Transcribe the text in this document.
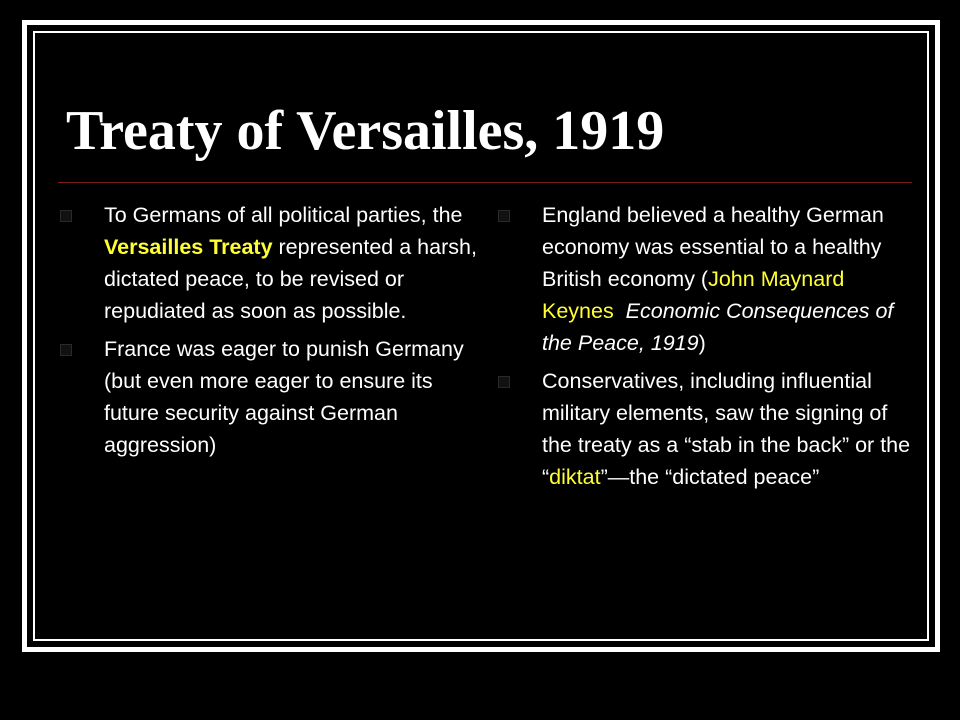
Treaty of Versailles, 1919
To Germans of all political parties, the Versailles Treaty represented a harsh, dictated peace, to be revised or repudiated as soon as possible.
France was eager to punish Germany (but even more eager to ensure its future security against German aggression)
England believed a healthy German economy was essential to a healthy British economy (John Maynard Keynes Economic Consequences of the Peace, 1919)
Conservatives, including influential military elements, saw the signing of the treaty as a “stab in the back” or the “diktat”—the “dictated peace”
